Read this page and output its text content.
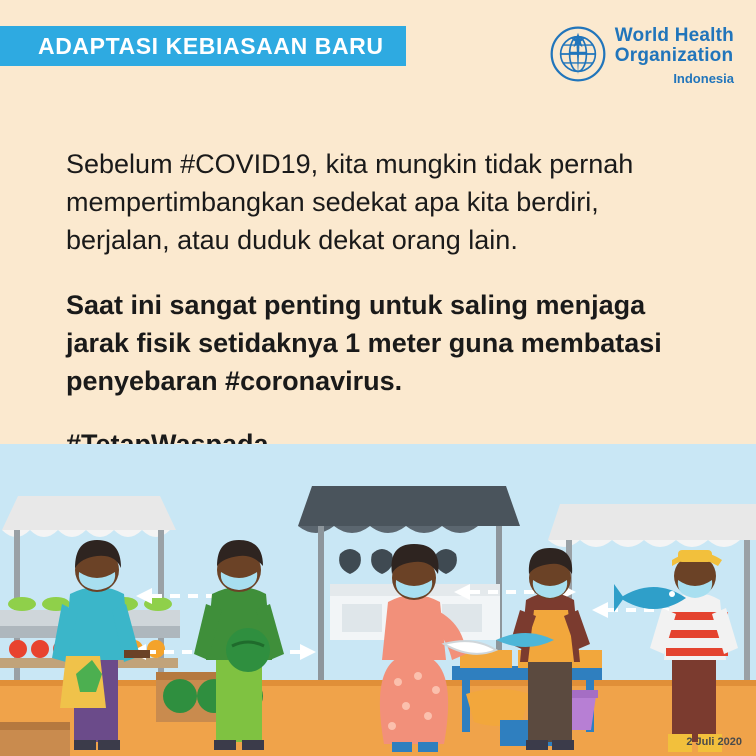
ADAPTASI KEBIASAAN BARU	World Health
Organization
Indonesia

Sebelum #COVID19, kita mungkin tidak pernah mempertimbangkan sedekat apa kita berdiri, berjalan, atau duduk dekat orang lain.

Saat ini sangat penting untuk saling menjaga jarak fisik setidaknya 1 meter guna membatasi penyebaran #coronavirus.

2 Juli 2020
